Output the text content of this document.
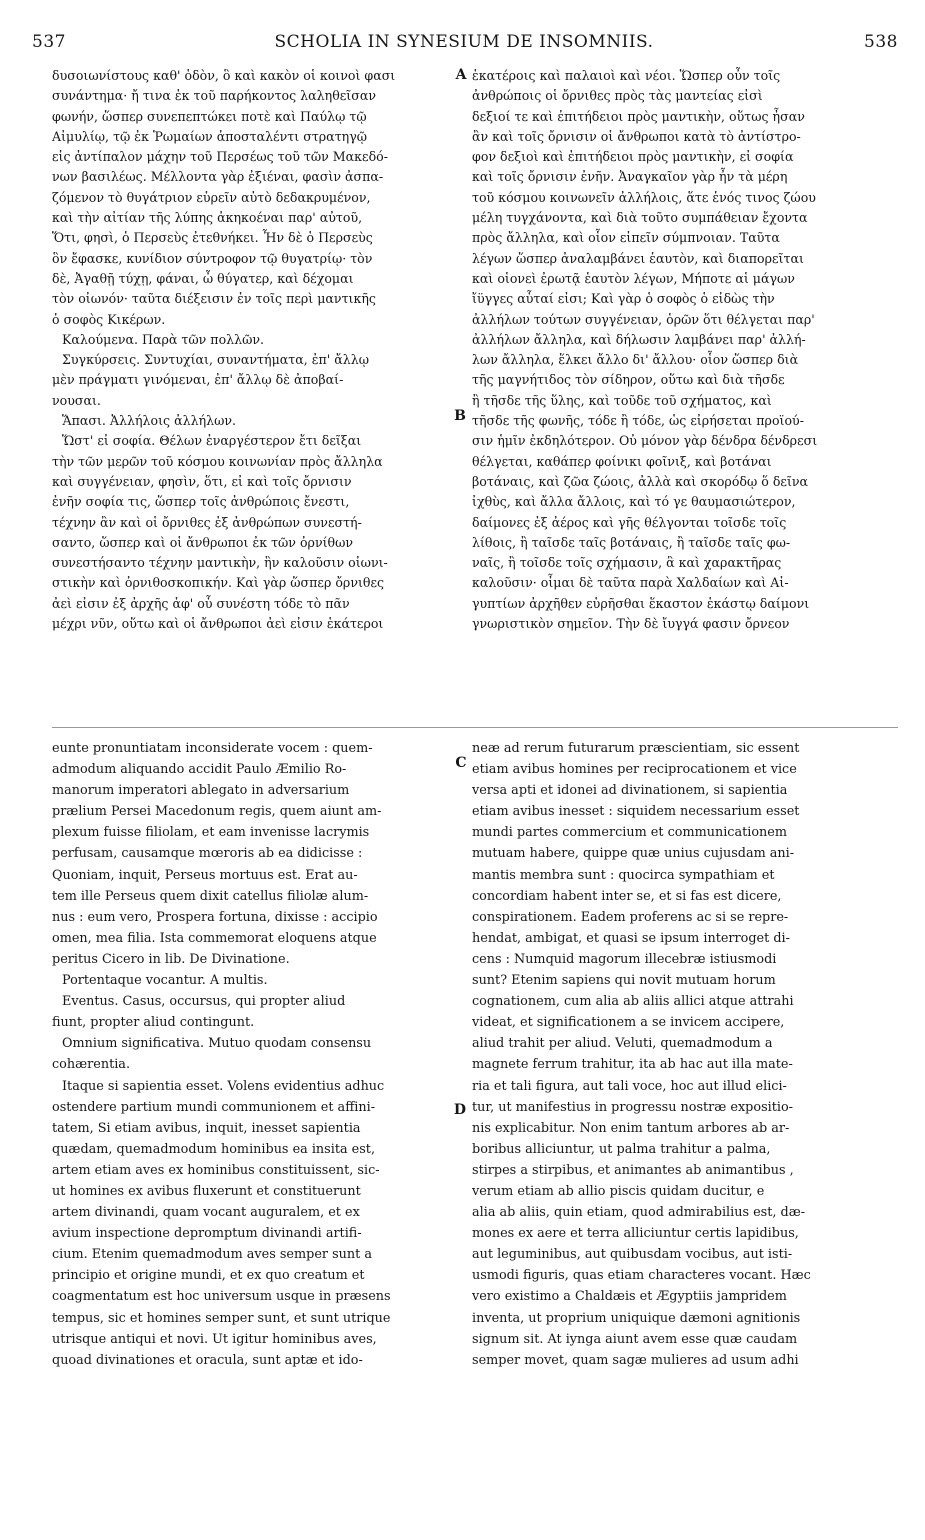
537	SCHOLIA IN SYNESIUM DE INSOMNIIS.	538

δυσοιωνίστους καθ' ὁδὸν, ὃ καὶ κακὸν οἱ κοινοὶ φασι

συνάντημα· ἤ τινα ἐκ τοῦ παρήκοντος λαληθεῖσαν

φωνήν, ὥσπερ συνεπεπτώκει ποτὲ καὶ Παύλῳ τῷ

Αἰμυλίῳ, τῷ ἐκ Ῥωμαίων ἀποσταλέντι στρατηγῷ

εἰς ἀντίπαλον μάχην τοῦ Περσέως τοῦ τῶν Μακεδό-

νων βασιλέως. Μέλλοντα γὰρ ἐξιέναι, φασὶν ἀσπα-

ζόμενον τὸ θυγάτριον εὑρεῖν αὐτὸ δεδακρυμένον,

καὶ τὴν αἰτίαν τῆς λύπης ἀκηκοέναι παρ' αὐτοῦ,

Ὅτι, φησὶ, ὁ Περσεὺς ἐτεθνήκει. Ἦν δὲ ὁ Περσεὺς

ὃν ἔφασκε, κυνίδιον σύντροφον τῷ θυγατρίῳ· τὸν

δὲ, Ἀγαθῇ τύχῃ, φάναι, ὦ θύγατερ, καὶ δέχομαι

τὸν οἰωνόν· ταῦτα διέξεισιν ἐν τοῖς περὶ μαντικῆς

ὁ σοφὸς Κικέρων.

Καλούμενα. Παρὰ τῶν πολλῶν.

Συγκύρσεις. Συντυχίαι, συναντήματα, ἐπ' ἄλλῳ

μὲν πράγματι γινόμεναι, ἐπ' ἄλλῳ δὲ ἀποβαί-

νουσαι.

Ἅπασι. Ἀλλήλοις ἀλλήλων.

Ὥστ' εἰ σοφία. Θέλων ἐναργέστερον ἔτι δεῖξαι

τὴν τῶν μερῶν τοῦ κόσμου κοινωνίαν πρὸς ἄλληλα

καὶ συγγένειαν, φησὶν, ὅτι, εἰ καὶ τοῖς ὄρνισιν

ἐνῆν σοφία τις, ὥσπερ τοῖς ἀνθρώποις ἔνεστι,

τέχνην ἂν καὶ οἱ ὄρνιθες ἐξ ἀνθρώπων συνεστή-

σαντο, ὥσπερ καὶ οἱ ἄνθρωποι ἐκ τῶν ὀρνίθων

συνεστήσαντο τέχνην μαντικὴν, ἣν καλοῦσιν οἰωνι-

στικὴν καὶ ὀρνιθοσκοπικήν. Καὶ γὰρ ὥσπερ ὄρνιθες

ἀεὶ εἰσιν ἐξ ἀρχῆς ἀφ' οὗ συνέστη τόδε τὸ πᾶν

μέχρι νῦν, οὕτω καὶ οἱ ἄνθρωποι ἀεὶ εἰσιν ἑκάτεροι

ἑκατέροις καὶ παλαιοὶ καὶ νέοι. Ὥσπερ οὖν τοῖς

ἀνθρώποις οἱ ὄρνιθες πρὸς τὰς μαντείας εἰσὶ

δεξιοί τε καὶ ἐπιτήδειοι πρὸς μαντικὴν, οὕτως ἦσαν

ἂν καὶ τοῖς ὄρνισιν οἱ ἄνθρωποι κατὰ τὸ ἀντίστρο-

φον δεξιοὶ καὶ ἐπιτήδειοι πρὸς μαντικὴν, εἰ σοφία

καὶ τοῖς ὄρνισιν ἐνῆν. Ἀναγκαῖον γὰρ ἦν τὰ μέρη

τοῦ κόσμου κοινωνεῖν ἀλλήλοις, ἅτε ἑνός τινος ζώου

μέλη τυγχάνοντα, καὶ διὰ τοῦτο συμπάθειαν ἔχοντα

πρὸς ἄλληλα, καὶ οἷον εἰπεῖν σύμπνοιαν. Ταῦτα

λέγων ὥσπερ ἀναλαμβάνει ἑαυτὸν, καὶ διαπορεῖται

καὶ οἱονεὶ ἐρωτᾷ ἑαυτὸν λέγων, Μήποτε αἱ μάγων

ἴϋγγες αὗταί εἰσι; Καὶ γὰρ ὁ σοφὸς ὁ εἰδὼς τὴν

ἀλλήλων τούτων συγγένειαν, ὁρῶν ὅτι θέλγεται παρ'

ἀλλήλων ἄλληλα, καὶ δήλωσιν λαμβάνει παρ' ἀλλή-

λων ἄλληλα, ἕλκει ἄλλο δι' ἄλλου· οἷον ὥσπερ διὰ

τῆς μαγνήτιδος τὸν σίδηρον, οὕτω καὶ διὰ τῆσδε

ἢ τῆσδε τῆς ὕλης, καὶ τοῦδε τοῦ σχήματος, καὶ

τῆσδε τῆς φωνῆς, τόδε ἢ τόδε, ὡς εἰρήσεται προϊού-

σιν ἡμῖν ἐκδηλότερον. Οὐ μόνον γὰρ δένδρα δένδρεσι

θέλγεται, καθάπερ φοίνικι φοῖνιξ, καὶ βοτάναι

βοτάναις, καὶ ζῶα ζώοις, ἀλλὰ καὶ σκορόδῳ ὅ δεῖνα

ἰχθὺς, καὶ ἄλλα ἄλλοις, καὶ τό γε θαυμασιώτερον,

δαίμονες ἐξ ἀέρος καὶ γῆς θέλγονται τοῖσδε τοῖς

λίθοις, ἢ ταῖσδε ταῖς βοτάναις, ἢ ταῖσδε ταῖς φω-

ναῖς, ἢ τοῖσδε τοῖς σχήμασιν, ἃ καὶ χαρακτῆρας

καλοῦσιν· οἶμαι δὲ ταῦτα παρὰ Χαλδαίων καὶ Αἰ-

γυπτίων ἀρχῆθεν εὑρῆσθαι ἕκαστον ἑκάστῳ δαίμονι

γνωριστικὸν σημεῖον. Τὴν δὲ ἴυγγά φασιν ὄρνεον

eunte pronuntiatam inconsiderate vocem : quem-

admodum aliquando accidit Paulo Æmilio Ro-

manorum imperatori ablegato in adversarium

prælium Persei Macedonum regis, quem aiunt am-

plexum fuisse filiolam, et eam invenisse lacrymis

perfusam, causamque mœroris ab ea didicisse :

Quoniam, inquit, Perseus mortuus est. Erat au-

tem ille Perseus quem dixit catellus filiolæ alum-

nus : eum vero, Prospera fortuna, dixisse : accipio

omen, mea filia. Ista commemorat eloquens atque

peritus Cicero in lib. De Divinatione.

Portentaque vocantur. A multis.

Eventus. Casus, occursus, qui propter aliud

fiunt, propter aliud contingunt.

Omnium significativa. Mutuo quodam consensu

cohærentia.

Itaque si sapientia esset. Volens evidentius adhuc

ostendere partium mundi communionem et affini-

tatem, Si etiam avibus, inquit, inesset sapientia

quædam, quemadmodum hominibus ea insita est,

artem etiam aves ex hominibus constituissent, sic-

ut homines ex avibus fluxerunt et constituerunt

artem divinandi, quam vocant auguralem, et ex

avium inspectione depromptum divinandi artifi-

cium. Etenim quemadmodum aves semper sunt a

principio et origine mundi, et ex quo creatum et

coagmentatum est hoc universum usque in præsens

tempus, sic et homines semper sunt, et sunt utrique

utrisque antiqui et novi. Ut igitur hominibus aves,

quoad divinationes et oracula, sunt aptæ et ido-

neæ ad rerum futurarum præscientiam, sic essent

etiam avibus homines per reciprocationem et vice

versa apti et idonei ad divinationem, si sapientia

etiam avibus inesset : siquidem necessarium esset

mundi partes commercium et communicationem

mutuam habere, quippe quæ unius cujusdam ani-

mantis membra sunt : quocirca sympathiam et

concordiam habent inter se, et si fas est dicere,

conspirationem. Eadem proferens ac si se repre-

hendat, ambigat, et quasi se ipsum interroget di-

cens : Numquid magorum illecebræ istiusmodi

sunt? Etenim sapiens qui novit mutuam horum

cognationem, cum alia ab aliis allici atque attrahi

videat, et significationem a se invicem accipere,

aliud trahit per aliud. Veluti, quemadmodum a

magnete ferrum trahitur, ita ab hac aut illa mate-

ria et tali figura, aut tali voce, hoc aut illud elici-

tur, ut manifestius in progressu nostræ expositio-

nis explicabitur. Non enim tantum arbores ab ar-

boribus alliciuntur, ut palma trahitur a palma,

stirpes a stirpibus, et animantes ab animantibus ,

verum etiam ab allio piscis quidam ducitur, e

alia ab aliis, quin etiam, quod admirabilius est, dæ-

mones ex aere et terra alliciuntur certis lapidibus,

aut leguminibus, aut quibusdam vocibus, aut isti-

usmodi figuris, quas etiam characteres vocant. Hæc

vero existimo a Chaldæis et Ægyptiis jampridem

inventa, ut proprium uniquique dæmoni agnitionis

signum sit. At iynga aiunt avem esse quæ caudam

semper movet, quam sagæ mulieres ad usum adhi

A
B
C
D
